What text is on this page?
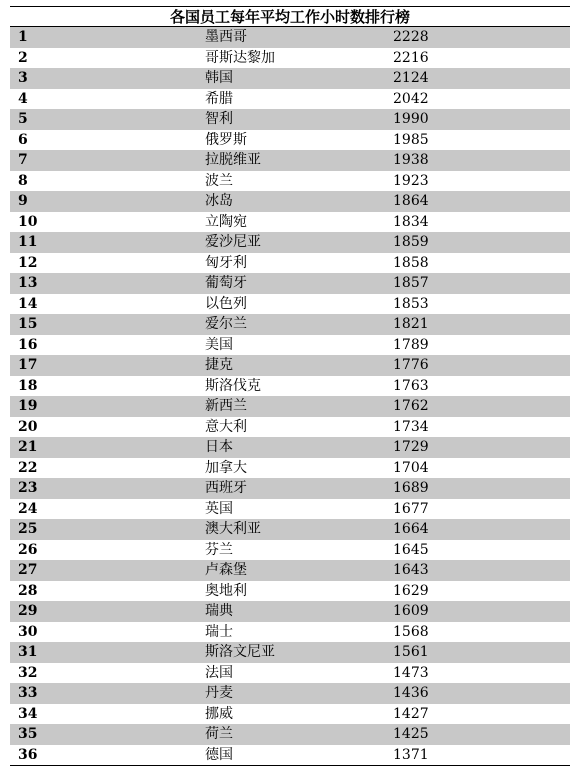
各国员工每年平均工作小时数排行榜
1	墨西哥	2228
2	哥斯达黎加	2216
3	韩国	2124
4	希腊	2042
5	智利	1990
6	俄罗斯	1985
7	拉脱维亚	1938
8	波兰	1923
9	冰岛	1864
10	立陶宛	1834
11	爱沙尼亚	1859
12	匈牙利	1858
13	葡萄牙	1857
14	以色列	1853
15	爱尔兰	1821
16	美国	1789
17	捷克	1776
18	斯洛伐克	1763
19	新西兰	1762
20	意大利	1734
21	日本	1729
22	加拿大	1704
23	西班牙	1689
24	英国	1677
25	澳大利亚	1664
26	芬兰	1645
27	卢森堡	1643
28	奥地利	1629
29	瑞典	1609
30	瑞士	1568
31	斯洛文尼亚	1561
32	法国	1473
33	丹麦	1436
34	挪威	1427
35	荷兰	1425
36	德国	1371
